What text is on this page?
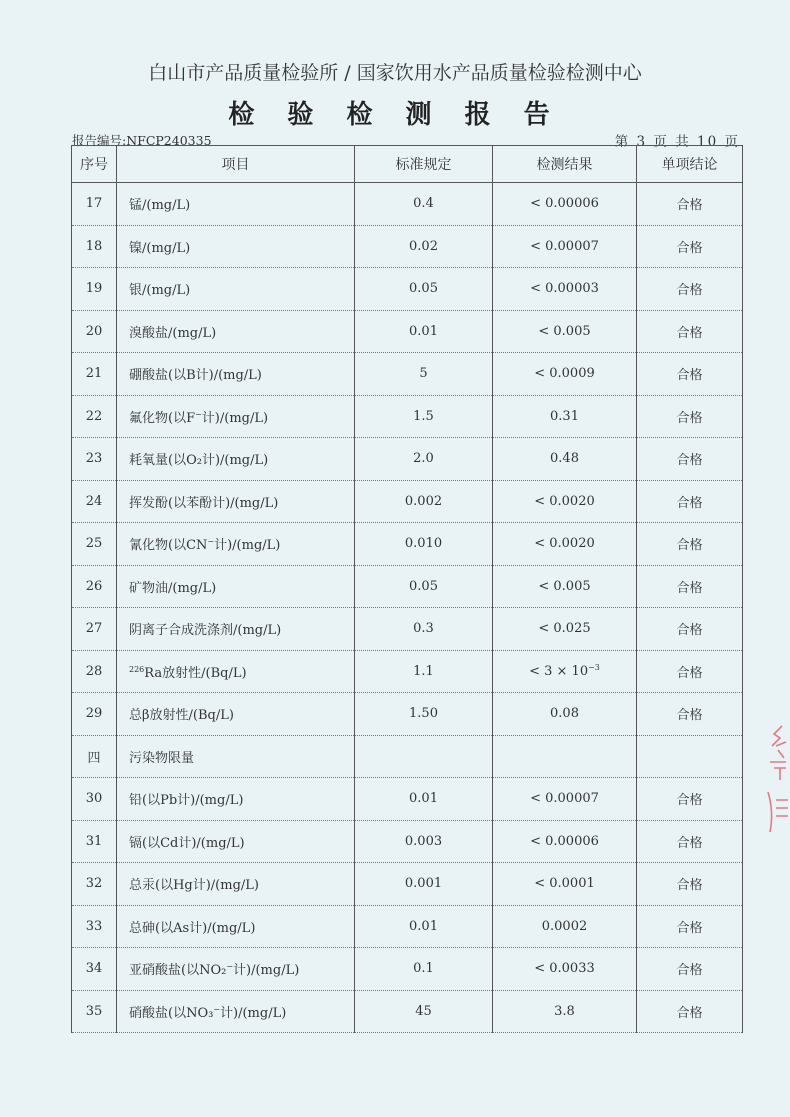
白山市产品质量检验所 / 国家饮用水产品质量检验检测中心
检 验 检 测 报 告
报告编号:NFCP240335	第 3 页 共 10 页
序号	项目	标准规定	检测结果	单项结论
17	锰/(mg/L)	0.4	< 0.00006	合格
18	镍/(mg/L)	0.02	< 0.00007	合格
19	银/(mg/L)	0.05	< 0.00003	合格
20	溴酸盐/(mg/L)	0.01	< 0.005	合格
21	硼酸盐(以B计)/(mg/L)	5	< 0.0009	合格
22	氟化物(以F−计)/(mg/L)	1.5	0.31	合格
23	耗氧量(以O₂计)/(mg/L)	2.0	0.48	合格
24	挥发酚(以苯酚计)/(mg/L)	0.002	< 0.0020	合格
25	氰化物(以CN−计)/(mg/L)	0.010	< 0.0020	合格
26	矿物油/(mg/L)	0.05	< 0.005	合格
27	阴离子合成洗涤剂/(mg/L)	0.3	< 0.025	合格
28	$^{226}$Ra放射性/(Bq/L)	1.1	< $3 \times 10^{-3}$	合格
29	总β放射性/(Bq/L)	1.50	0.08	合格
四	污染物限量			
30	铅(以Pb计)/(mg/L)	0.01	< 0.00007	合格
31	镉(以Cd计)/(mg/L)	0.003	< 0.00006	合格
32	总汞(以Hg计)/(mg/L)	0.001	< 0.0001	合格
33	总砷(以As计)/(mg/L)	0.01	0.0002	合格
34	亚硝酸盐(以NO₂−计)/(mg/L)	0.1	< 0.0033	合格
35	硝酸盐(以NO₃−计)/(mg/L)	45	3.8	合格
